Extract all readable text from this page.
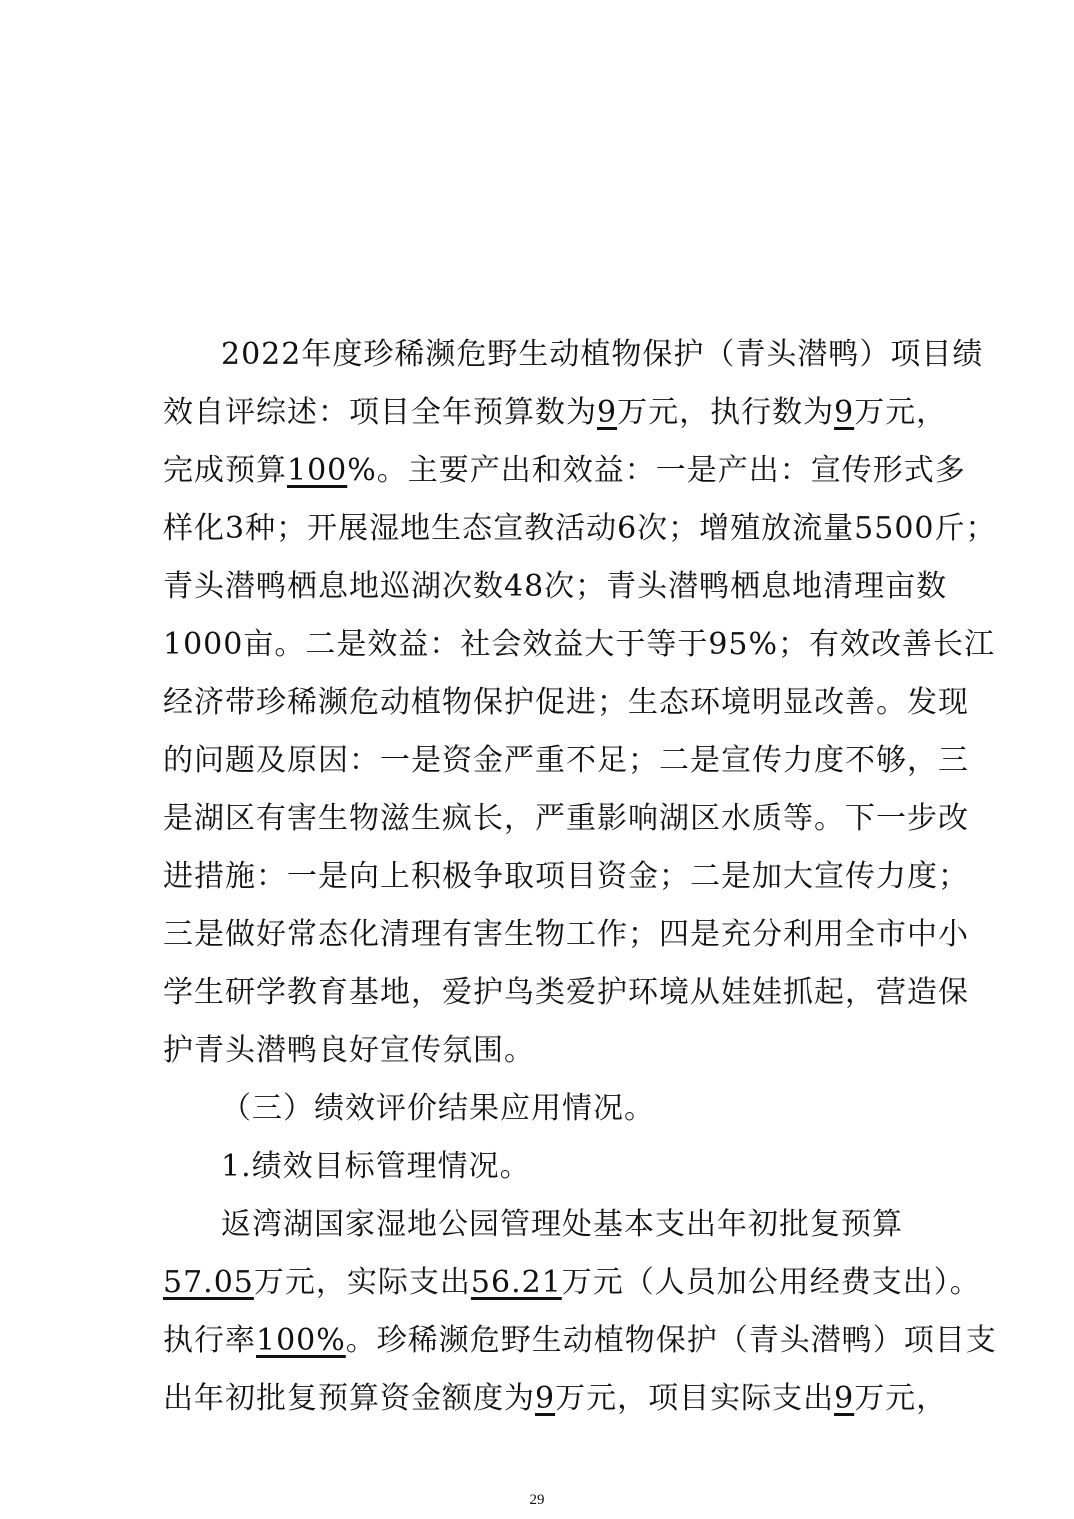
2022年度珍稀濒危野生动植物保护（青头潜鸭）项目绩
效自评综述：项目全年预算数为9万元，执行数为9万元，
完成预算100%。主要产出和效益：一是产出：宣传形式多
样化3种；开展湿地生态宣教活动6次；增殖放流量5500斤；
青头潜鸭栖息地巡湖次数48次；青头潜鸭栖息地清理亩数
1000亩。二是效益：社会效益大于等于95%；有效改善长江
经济带珍稀濒危动植物保护促进；生态环境明显改善。发现
的问题及原因：一是资金严重不足；二是宣传力度不够，三
是湖区有害生物滋生疯长，严重影响湖区水质等。下一步改
进措施：一是向上积极争取项目资金；二是加大宣传力度；
三是做好常态化清理有害生物工作；四是充分利用全市中小
学生研学教育基地，爱护鸟类爱护环境从娃娃抓起，营造保
护青头潜鸭良好宣传氛围。
（三）绩效评价结果应用情况。
1.绩效目标管理情况。
返湾湖国家湿地公园管理处基本支出年初批复预算
57.05万元，实际支出56.21万元（人员加公用经费支出）。
执行率100%。珍稀濒危野生动植物保护（青头潜鸭）项目支
出年初批复预算资金额度为9万元，项目实际支出9万元，
29
